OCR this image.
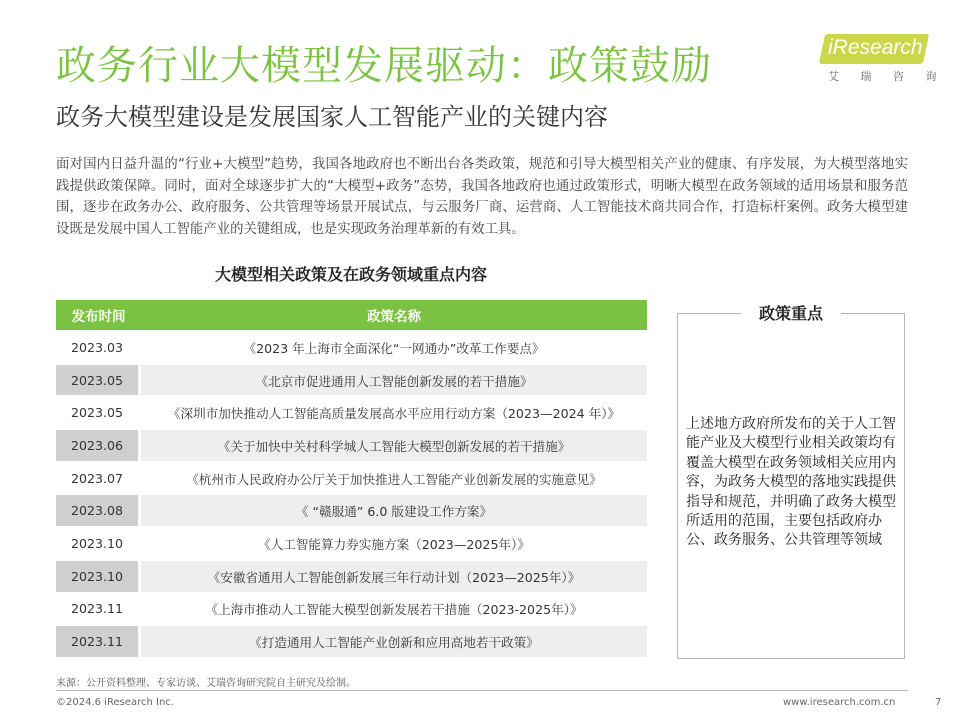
政务行业大模型发展驱动：政策鼓励
政务大模型建设是发展国家人工智能产业的关键内容
iResearch
艾 瑞 咨 询

面对国内日益升温的“行业+大模型”趋势，我国各地政府也不断出台各类政策，规范和引导大模型相关产业的健康、有序发展，为大模型落地实践提供政策保障。同时，面对全球逐步扩大的“大模型+政务”态势，我国各地政府也通过政策形式，明晰大模型在政务领域的适用场景和服务范围，逐步在政务办公、政府服务、公共管理等场景开展试点，与云服务厂商、运营商、人工智能技术商共同合作，打造标杆案例。政务大模型建设既是发展中国人工智能产业的关键组成，也是实现政务治理革新的有效工具。

大模型相关政策及在政务领域重点内容
发布时间	政策名称
2023.03	《2023 年上海市全面深化“一网通办”改革工作要点》
2023.05	《北京市促进通用人工智能创新发展的若干措施》
2023.05	《深圳市加快推动人工智能高质量发展高水平应用行动方案（2023—2024 年）》
2023.06	《关于加快中关村科学城人工智能大模型创新发展的若干措施》
2023.07	《杭州市人民政府办公厅关于加快推进人工智能产业创新发展的实施意见》
2023.08	《 “赣服通” 6.0 版建设工作方案》
2023.10	《人工智能算力券实施方案（2023—2025年）》
2023.10	《安徽省通用人工智能创新发展三年行动计划（2023—2025年）》
2023.11	《上海市推动人工智能大模型创新发展若干措施（2023-2025年）》
2023.11	《打造通用人工智能产业创新和应用高地若干政策》
政策重点

上述地方政府所发布的关于人工智能产业及大模型行业相关政策均有覆盖大模型在政务领域相关应用内容，为政务大模型的落地实践提供指导和规范，并明确了政务大模型所适用的范围，主要包括政府办公、政务服务、公共管理等领域

来源：公开资料整理、专家访谈、艾瑞咨询研究院自主研究及绘制。
©2024.6 iResearch Inc.	www.iresearch.com.cn	7
